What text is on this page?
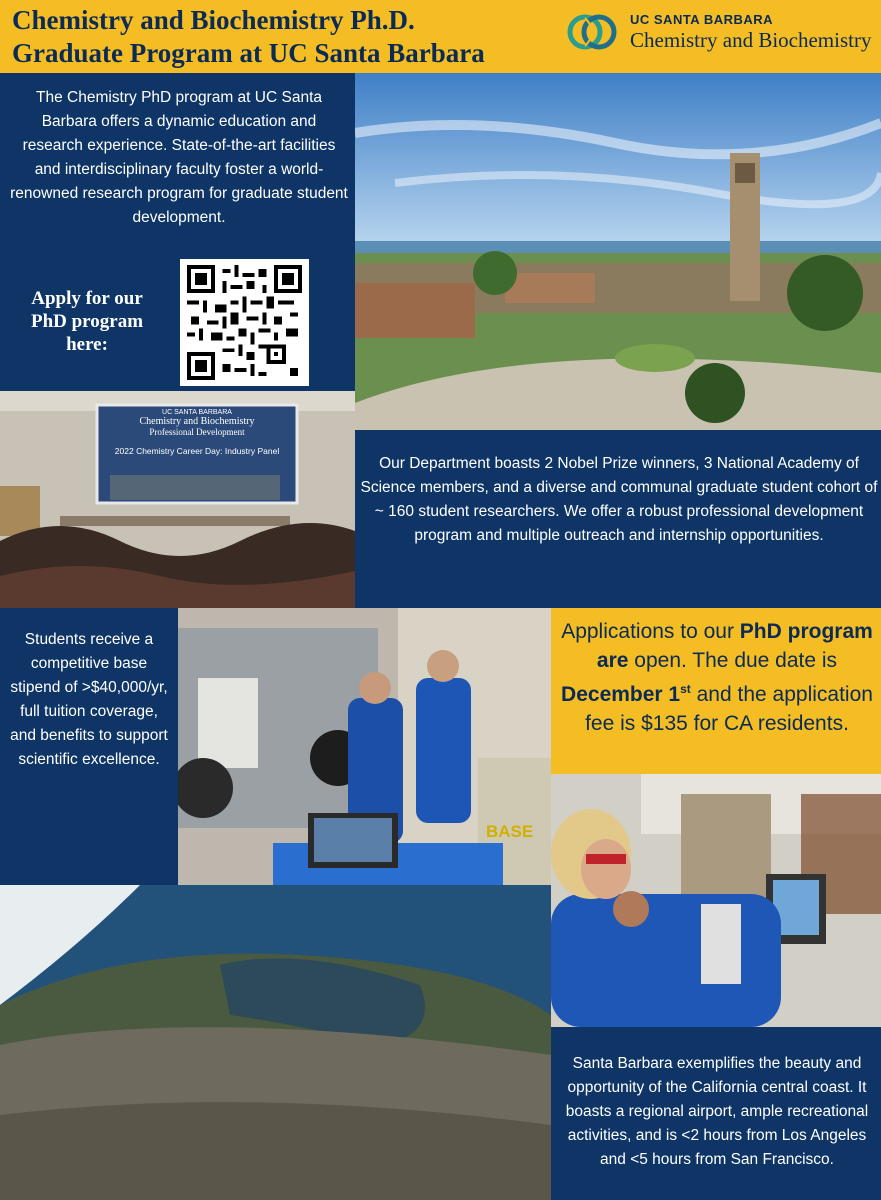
Chemistry and Biochemistry Ph.D.
Graduate Program at UC Santa Barbara
UC SANTA BARBARA
Chemistry and Biochemistry
The Chemistry PhD program at UC Santa Barbara offers a dynamic education and research experience. State-of-the-art facilities and interdisciplinary faculty foster a world-renowned research program for graduate student development.
Apply for our PhD program here:
UC SANTA BARBARA
Chemistry and Biochemistry
Professional Development
2022 Chemistry Career Day: Industry Panel
Our Department boasts 2 Nobel Prize winners, 3 National Academy of Science members, and a diverse and communal graduate student cohort of ~ 160 student researchers. We offer a robust professional development program and multiple outreach and internship opportunities.
Students receive a competitive base stipend of >$40,000/yr, full tuition coverage, and benefits to support scientific excellence.
BASE
Applications to our PhD program are open. The due date is December 1st and the application fee is $135 for CA residents.
Santa Barbara exemplifies the beauty and opportunity of the California central coast. It boasts a regional airport, ample recreational activities, and is <2 hours from Los Angeles and <5 hours from San Francisco.
